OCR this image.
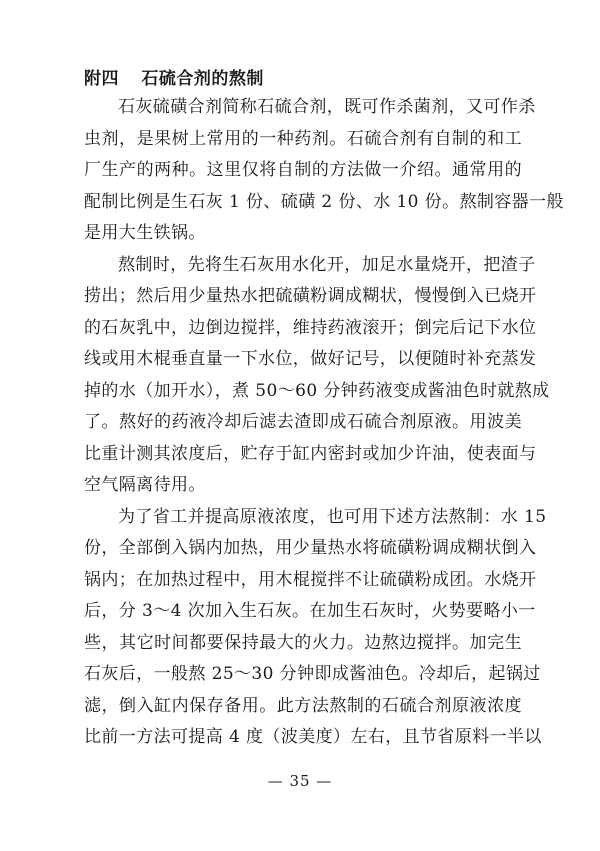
附四 石硫合剂的熬制
石灰硫磺合剂简称石硫合剂，既可作杀菌剂，又可作杀
虫剂，是果树上常用的一种药剂。石硫合剂有自制的和工
厂生产的两种。这里仅将自制的方法做一介绍。通常用的
配制比例是生石灰 1 份、硫磺 2 份、水 10 份。熬制容器一般
是用大生铁锅。
熬制时，先将生石灰用水化开，加足水量烧开，把渣子
捞出；然后用少量热水把硫磺粉调成糊状，慢慢倒入已烧开
的石灰乳中，边倒边搅拌，维持药液滚开；倒完后记下水位
线或用木棍垂直量一下水位，做好记号，以便随时补充蒸发
掉的水（加开水），煮 50～60 分钟药液变成酱油色时就熬成
了。熬好的药液冷却后滤去渣即成石硫合剂原液。用波美
比重计测其浓度后，贮存于缸内密封或加少许油，使表面与
空气隔离待用。
为了省工并提高原液浓度，也可用下述方法熬制：水 15
份，全部倒入锅内加热，用少量热水将硫磺粉调成糊状倒入
锅内；在加热过程中，用木棍搅拌不让硫磺粉成团。水烧开
后，分 3～4 次加入生石灰。在加生石灰时，火势要略小一
些，其它时间都要保持最大的火力。边熬边搅拌。加完生
石灰后，一般熬 25～30 分钟即成酱油色。冷却后，起锅过
滤，倒入缸内保存备用。此方法熬制的石硫合剂原液浓度
比前一方法可提高 4 度（波美度）左右，且节省原料一半以
— 35 —
